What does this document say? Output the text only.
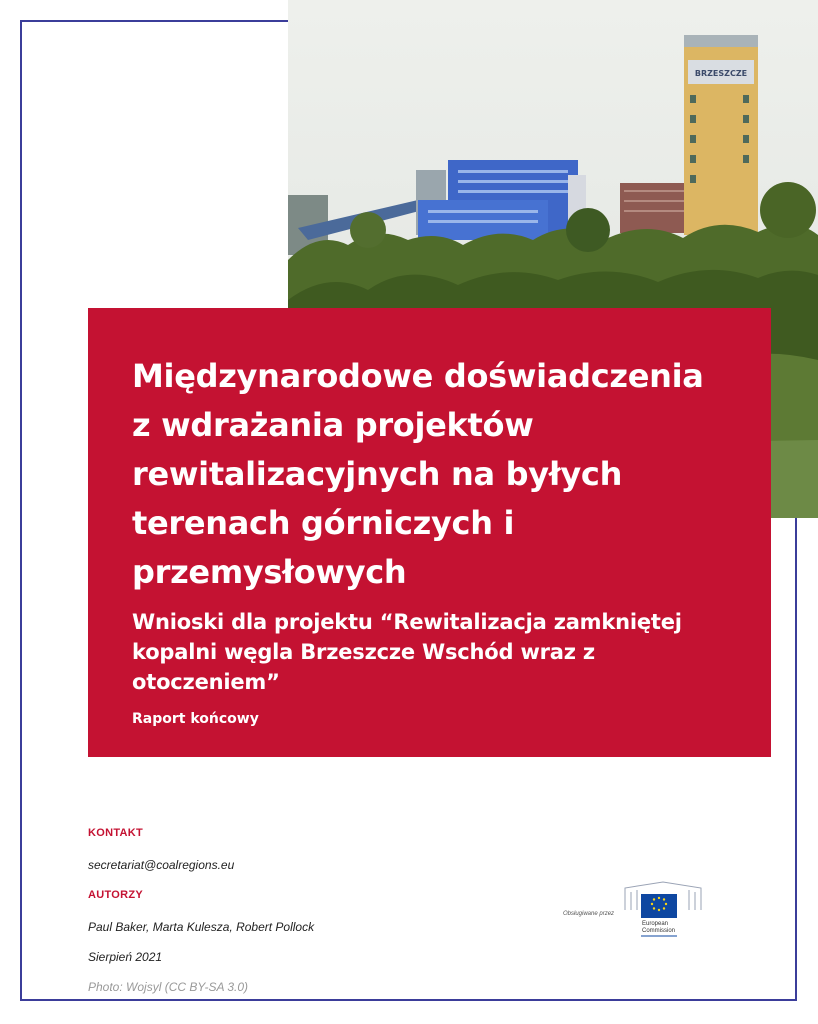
BRZESZCZE
Międzynarodowe doświadczenia z wdrażania projektów rewitalizacyjnych na byłych terenach górniczych i przemysłowych

Wnioski dla projektu “Rewitalizacja zamkniętej kopalni węgla Brzeszcze Wschód wraz z otoczeniem”

Raport końcowy

KONTAKT
secretariat@coalregions.eu
AUTORZY
Paul Baker, Marta Kulesza, Robert Pollock
Sierpień 2021
Photo: Wojsyl (CC BY-SA 3.0)
Obsługiwane przez
European
Commission
